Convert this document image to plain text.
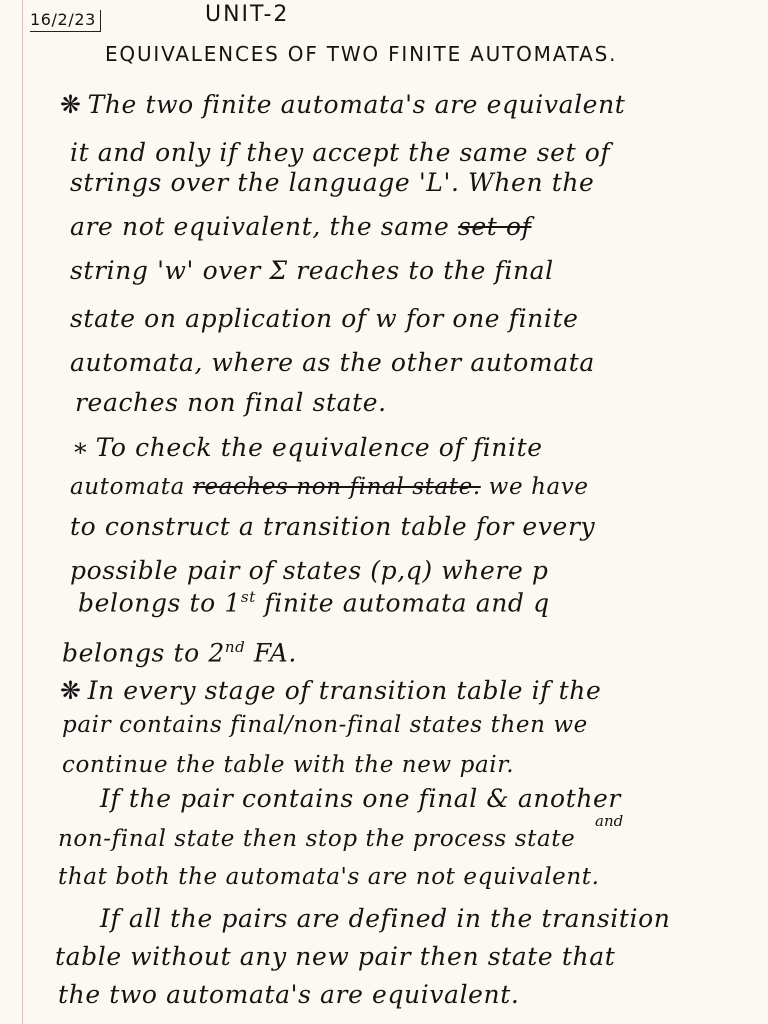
16/2/23	UNIT-2
EQUIVALENCES OF TWO FINITE AUTOMATAS.
❋ The two finite automata's are equivalent
it and only if they accept the same set of
strings over the language 'L'. When the
are not equivalent, the same set of
string 'w' over Σ reaches to the final
state on application of w for one finite
automata, where as the other automata
reaches non final state.
∗ To check the equivalence of finite
automata reaches non final state. we have
to construct a transition table for every
possible pair of states (p,q) where p
belongs to 1st finite automata and q
belongs to 2nd FA.
❋ In every stage of transition table if the
pair contains final/non-final states then we
continue the table with the new pair.
If the pair contains one final & another
and
non-final state then stop the process state
that both the automata's are not equivalent.
If all the pairs are defined in the transition
table without any new pair then state that
the two automata's are equivalent.
